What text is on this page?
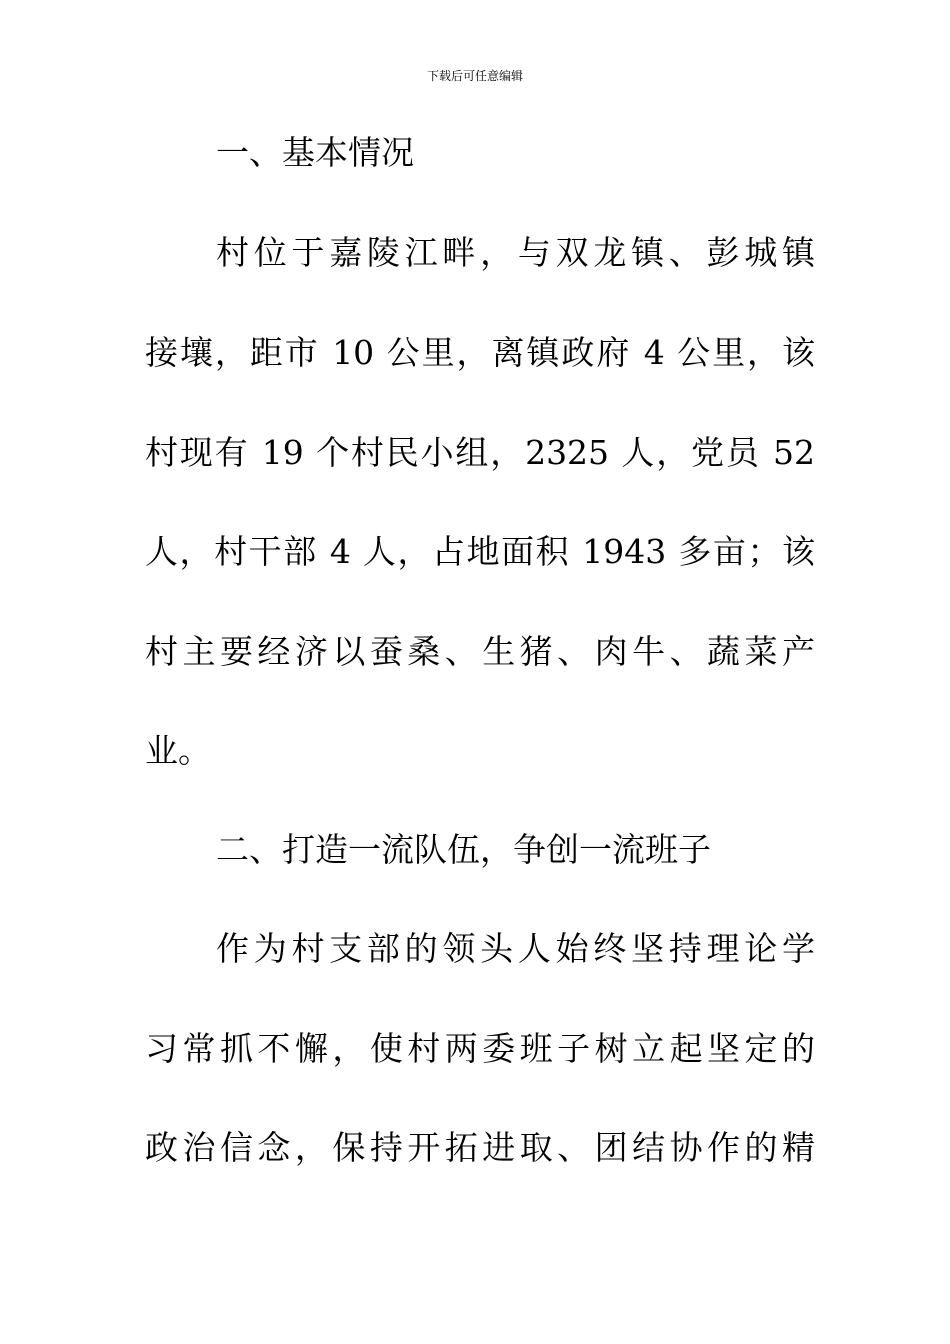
下载后可任意编辑
一、基本情况
村位于嘉陵江畔，与双龙镇、彭城镇
接壤，距市 10 公里，离镇政府 4 公里，该
村现有 19 个村民小组，2325 人，党员 52
人，村干部 4 人，占地面积 1943 多亩；该
村主要经济以蚕桑、生猪、肉牛、蔬菜产
业。
二、打造一流队伍，争创一流班子
作为村支部的领头人始终坚持理论学
习常抓不懈，使村两委班子树立起坚定的
政治信念，保持开拓进取、团结协作的精
